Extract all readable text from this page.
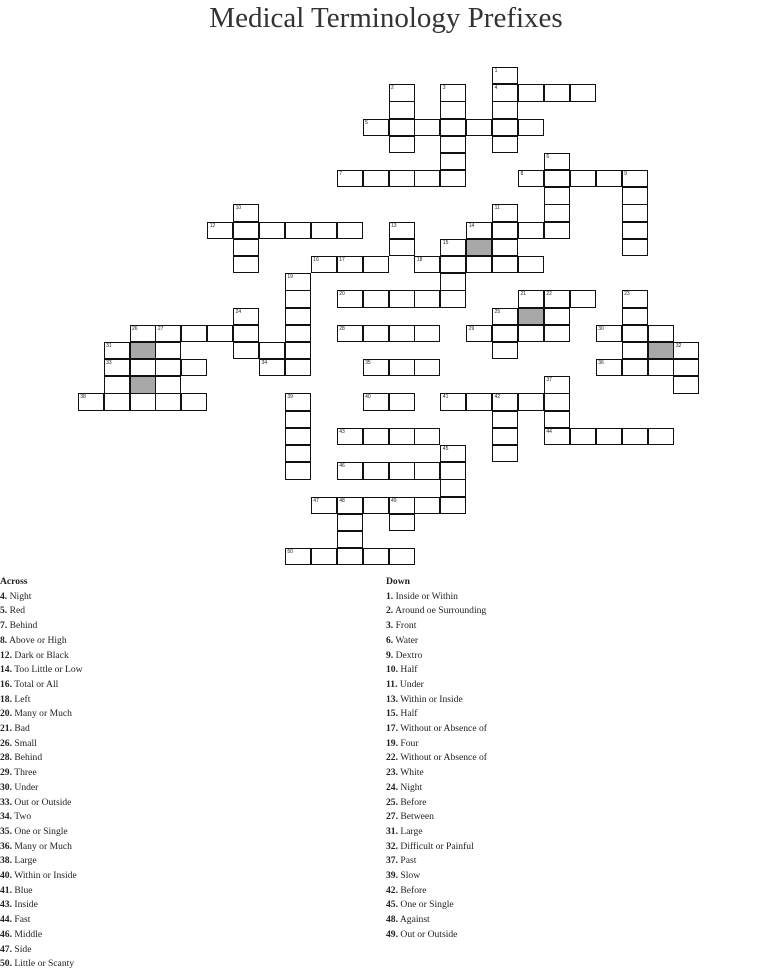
Medical Terminology Prefixes
1
2	3	4
5
6
7	8	9
10	11
12	13	14
15
16	17	18
19
20	21	22	23
24	25
26	27	28	29	30
31	32
33	34	35	36
37
38	39	40	41	42
43	44
45
46
47	48	49
50
Across
4. Night
5. Red
7. Behind
8. Above or High
12. Dark or Black
14. Too Little or Low
16. Total or All
18. Left
20. Many or Much
21. Bad
26. Small
28. Behind
29. Three
30. Under
33. Out or Outside
34. Two
35. One or Single
36. Many or Much
38. Large
40. Within or Inside
41. Blue
43. Inside
44. Fast
46. Middle
47. Side
50. Little or Scanty
Down
1. Inside or Within
2. Around oe Surrounding
3. Front
6. Water
9. Dextro
10. Half
11. Under
13. Within or Inside
15. Half
17. Without or Absence of
19. Four
22. Without or Absence of
23. White
24. Night
25. Before
27. Between
31. Large
32. Difficult or Painful
37. Past
39. Slow
42. Before
45. One or Single
48. Against
49. Out or Outside
